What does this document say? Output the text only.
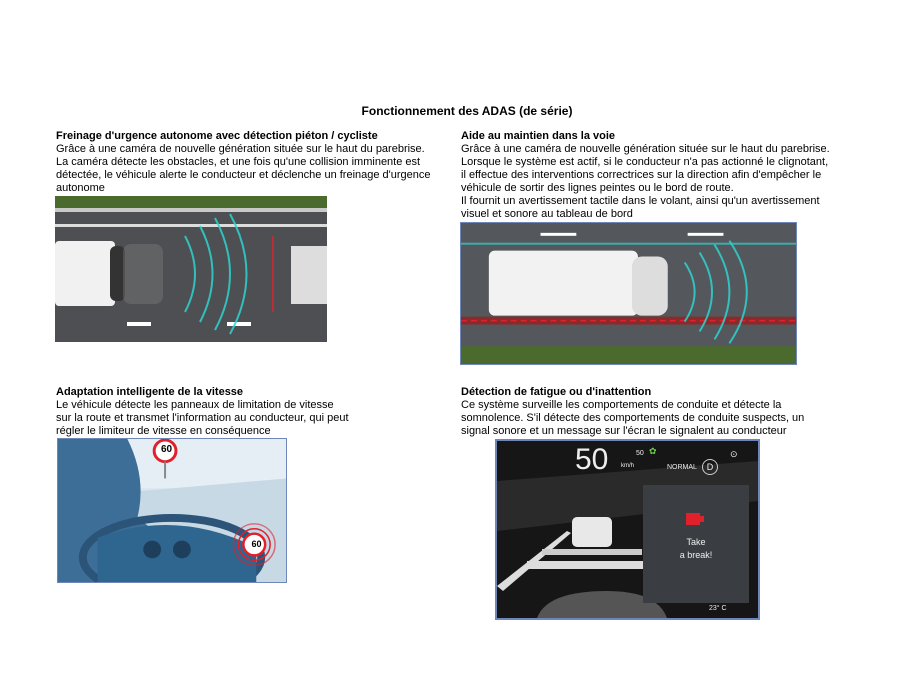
Fonctionnement des ADAS (de série)
Freinage d'urgence autonome avec détection piéton / cycliste

Grâce à une caméra de nouvelle génération située sur le haut du parebrise.

La caméra détecte les obstacles, et une fois qu'une collision imminente est

détectée, le véhicule alerte le conducteur et déclenche un freinage d'urgence

autonome

Aide au maintien dans la voie

Grâce à une caméra de nouvelle génération située sur le haut du parebrise.

Lorsque le système est actif, si le conducteur n'a pas actionné le clignotant,

il effectue des interventions correctrices sur la direction afin d'empêcher le

véhicule de sortir des lignes peintes ou le bord de route.

Il fournit un avertissement tactile dans le volant, ainsi qu'un avertissement

visuel et sonore au tableau de bord

Adaptation intelligente de la vitesse

Le véhicule détecte les panneaux de limitation de vitesse

sur la route et transmet l'information au conducteur, qui peut

régler le limiteur de vitesse en conséquence

60
60
Détection de fatigue ou d'inattention

Ce système surveille les comportements de conduite et détecte la

somnolence. S'il détecte des comportements de conduite suspects, un

signal sonore et un message sur l'écran le signalent au conducteur

✿
50 km/h
50
NORMAL	D
⊙
Take
a break!
23° C
